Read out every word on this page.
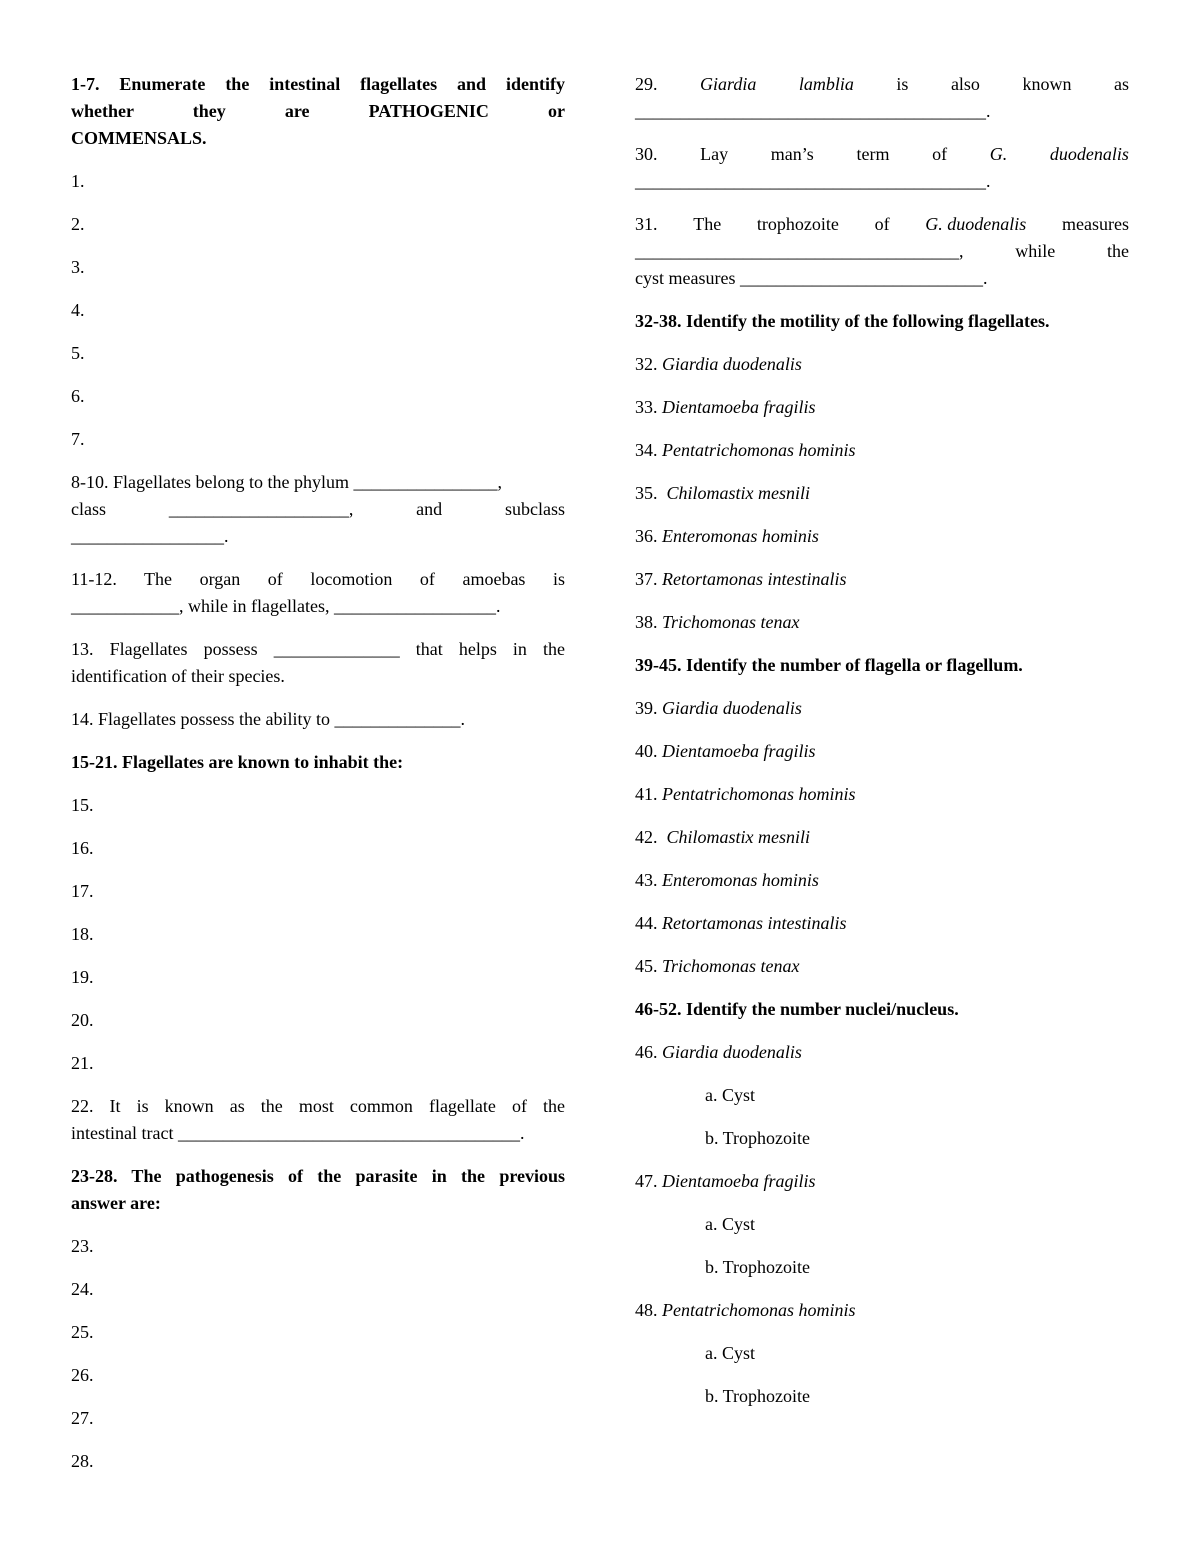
1-7. Enumerate the intestinal flagellates and identify

whether they are PATHOGENIC or

COMMENSALS.

1.

2.

3.

4.

5.

6.

7.

8-10. Flagellates belong to the phylum ________________,

class	____________________,	and	subclass

_________________.

11-12. The organ of locomotion of amoebas is

____________, while in flagellates, __________________.

13. Flagellates possess ______________ that helps in the

identification of their species.

14. Flagellates possess the ability to ______________.

15-21. Flagellates are known to inhabit the:

15.

16.

17.

18.

19.

20.

21.

22. It is known as the most common flagellate of the

intestinal tract ______________________________________.

23-28. The pathogenesis of the parasite in the previous

answer are:

23.

24.

25.

26.

27.

28.

29. Giardia lamblia is also known as

_______________________________________.

30. Lay man’s term of G. duodenalis

_______________________________________.

31. The trophozoite of G. duodenalis measures

____________________________________, while the

cyst measures ___________________________.

32-38. Identify the motility of the following flagellates.

32. Giardia duodenalis

33. Dientamoeba fragilis

34. Pentatrichomonas hominis

35. Chilomastix mesnili

36. Enteromonas hominis

37. Retortamonas intestinalis

38. Trichomonas tenax

39-45. Identify the number of flagella or flagellum.

39. Giardia duodenalis

40. Dientamoeba fragilis

41. Pentatrichomonas hominis

42. Chilomastix mesnili

43. Enteromonas hominis

44. Retortamonas intestinalis

45. Trichomonas tenax

46-52. Identify the number nuclei/nucleus.

46. Giardia duodenalis

a. Cyst

b. Trophozoite

47. Dientamoeba fragilis

a. Cyst

b. Trophozoite

48. Pentatrichomonas hominis

a. Cyst

b. Trophozoite
